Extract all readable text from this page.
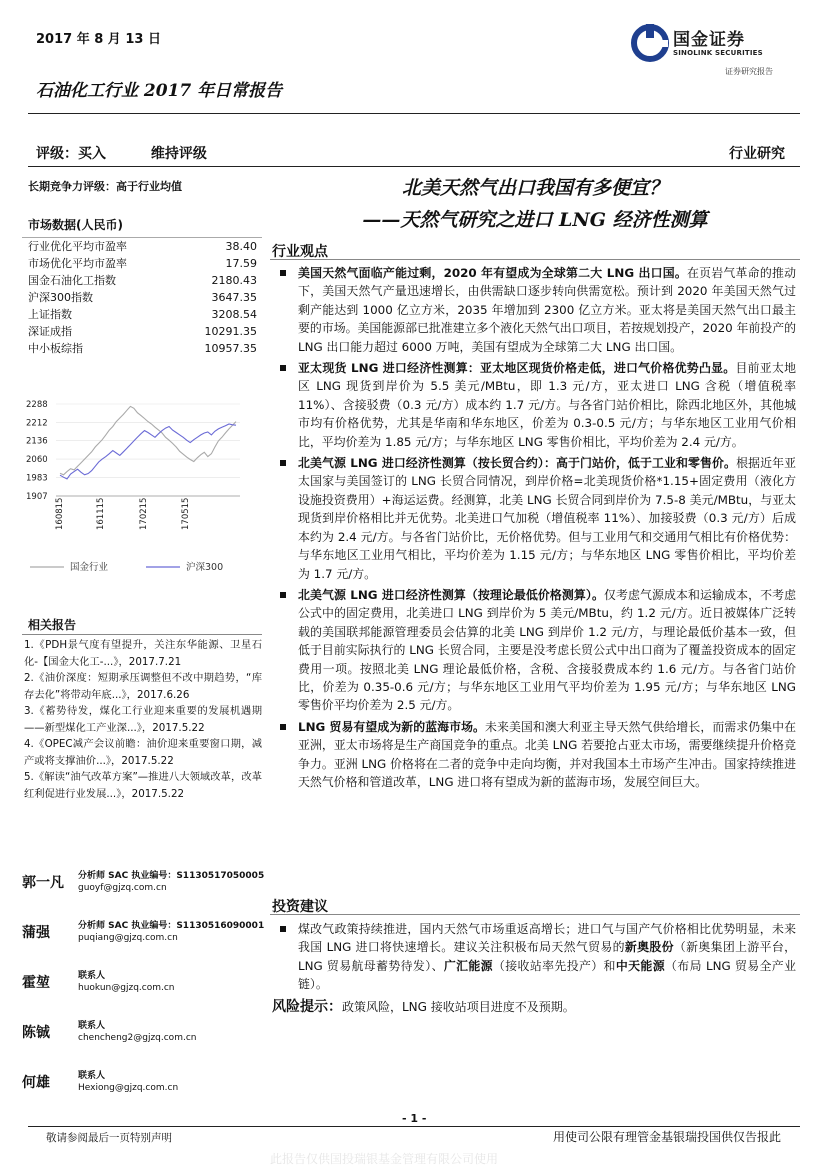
2017 年 8 月 13 日	国金证券
SINOLINK SECURITIES
证券研究报告
石油化工行业 2017 年日常报告
评级：买入	维持评级	行业研究
长期竞争力评级：高于行业均值
市场数据(人民币)
行业优化平均市盈率	38.40
市场优化平均市盈率	17.59
国金石油化工指数	2180.43
沪深300指数	3647.35
上证指数	3208.54
深证成指	10291.35
中小板综指	10957.35
2288
2212
2136
2060
1983
1907
160815	161115	170215	170515
国金行业	沪深300
相关报告
1.《PDH景气度有望提升，关注东华能源、卫星石化-【国金大化工-...》，2017.7.21
2.《油价深度：短期承压调整但不改中期趋势，“库存去化”将带动年底...》，2017.6.26
3.《蓄势待发，煤化工行业迎来重要的发展机遇期——新型煤化工产业深...》，2017.5.22
4.《OPEC减产会议前瞻：油价迎来重要窗口期，减产或将支撑油价...》，2017.5.22
5.《解读“油气改革方案”—推进八大领域改革，改革红利促进行业发展...》，2017.5.22
郭一凡	分析师 SAC 执业编号：S1130517050005
guoyf@gjzq.com.cn
蒲强	分析师 SAC 执业编号：S1130516090001
puqiang@gjzq.com.cn
霍堃	联系人
huokun@gjzq.com.cn
陈铖	联系人
chencheng2@gjzq.com.cn
何雄	联系人
Hexiong@gjzq.com.cn
北美天然气出口我国有多便宜？
——天然气研究之进口 LNG 经济性测算
行业观点
美国天然气面临产能过剩，2020 年有望成为全球第二大 LNG 出口国。在页岩气革命的推动下，美国天然气产量迅速增长，由供需缺口逐步转向供需宽松。预计到 2020 年美国天然气过剩产能达到 1000 亿立方米，2035 年增加到 2300 亿立方米。亚太将是美国天然气出口最主要的市场。美国能源部已批准建立多个液化天然气出口项目，若按规划投产，2020 年前投产的 LNG 出口能力超过 6000 万吨，美国有望成为全球第二大 LNG 出口国。
亚太现货 LNG 进口经济性测算：亚太地区现货价格走低，进口气价格优势凸显。目前亚太地区 LNG 现货到岸价为 5.5 美元/MBtu，即 1.3 元/方，亚太进口 LNG 含税（增值税率 11%）、含接驳费（0.3 元/方）成本约 1.7 元/方。与各省门站价相比，除西北地区外，其他城市均有价格优势，尤其是华南和华东地区，价差为 0.3-0.5 元/方；与华东地区工业用气价相比，平均价差为 1.85 元/方；与华东地区 LNG 零售价相比，平均价差为 2.4 元/方。
北美气源 LNG 进口经济性测算（按长贸合约）：高于门站价，低于工业和零售价。根据近年亚太国家与美国签订的 LNG 长贸合同情况，到岸价格=北美现货价格*1.15+固定费用（液化方设施投资费用）+海运运费。经测算，北美 LNG 长贸合同到岸价为 7.5-8 美元/MBtu，与亚太现货到岸价格相比并无优势。北美进口气加税（增值税率 11%）、加接驳费（0.3 元/方）后成本约为 2.4 元/方。与各省门站价比，无价格优势。但与工业用气和交通用气相比有价格优势：与华东地区工业用气相比，平均价差为 1.15 元/方；与华东地区 LNG 零售价相比，平均价差为 1.7 元/方。
北美气源 LNG 进口经济性测算（按理论最低价格测算）。仅考虑气源成本和运输成本，不考虑公式中的固定费用，北美进口 LNG 到岸价为 5 美元/MBtu，约 1.2 元/方。近日被媒体广泛转载的美国联邦能源管理委员会估算的北美 LNG 到岸价 1.2 元/方，与理论最低价基本一致，但低于目前实际执行的 LNG 长贸合同，主要是没考虑长贸公式中出口商为了覆盖投资成本的固定费用一项。按照北美 LNG 理论最低价格，含税、含接驳费成本约 1.6 元/方。与各省门站价比，价差为 0.35-0.6 元/方；与华东地区工业用气平均价差为 1.95 元/方；与华东地区 LNG 零售价平均价差为 2.5 元/方。
LNG 贸易有望成为新的蓝海市场。未来美国和澳大利亚主导天然气供给增长，而需求仍集中在亚洲，亚太市场将是生产商国竞争的重点。北美 LNG 若要抢占亚太市场，需要继续提升价格竞争力。亚洲 LNG 价格将在二者的竞争中走向均衡，并对我国本土市场产生冲击。国家持续推进天然气价格和管道改革，LNG 进口将有望成为新的蓝海市场，发展空间巨大。
投资建议
煤改气政策持续推进，国内天然气市场重返高增长；进口气与国产气价格相比优势明显，未来我国 LNG 进口将快速增长。建议关注积极布局天然气贸易的新奥股份（新奥集团上游平台，LNG 贸易航母蓄势待发）、广汇能源（接收站率先投产）和中天能源（布局 LNG 贸易全产业链）。
风险提示：政策风险，LNG 接收站项目进度不及预期。
- 1 -
敬请参阅最后一页特别声明	用使司公限有理管金基银瑞投国供仅告报此
此报告仅供国投瑞银基金管理有限公司使用
